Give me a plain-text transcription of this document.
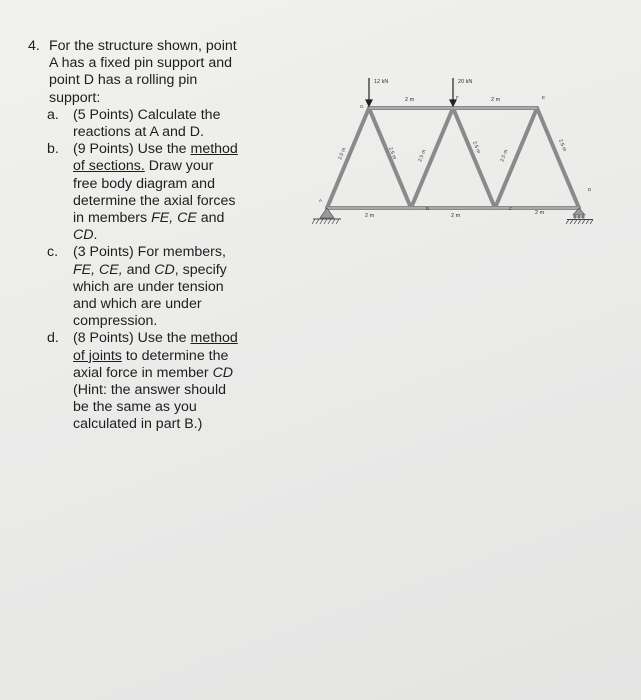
4. For the structure shown, point
A has a fixed pin support and
point D has a rolling pin
support:
a. (5 Points) Calculate the
reactions at A and D.
b. (9 Points) Use the method
of sections. Draw your
free body diagram and
determine the axial forces
in members FE, CE and
CD.
c.	(3 Points) For members,
FE, CE, and CD, specify
which are under tension
and which are under
compression.
d. (8 Points) Use the method
of joints to determine the
axial force in member CD
(Hint: the answer should
be the same as you
calculated in part B.)
12 kN	20 kN
2 m	2 m
2 m	2 m	2 m
2.5 m	2.5 m	2.5 m
2.5 m
2.5 m
2.5 m
A
B	C
D
E
F
G
